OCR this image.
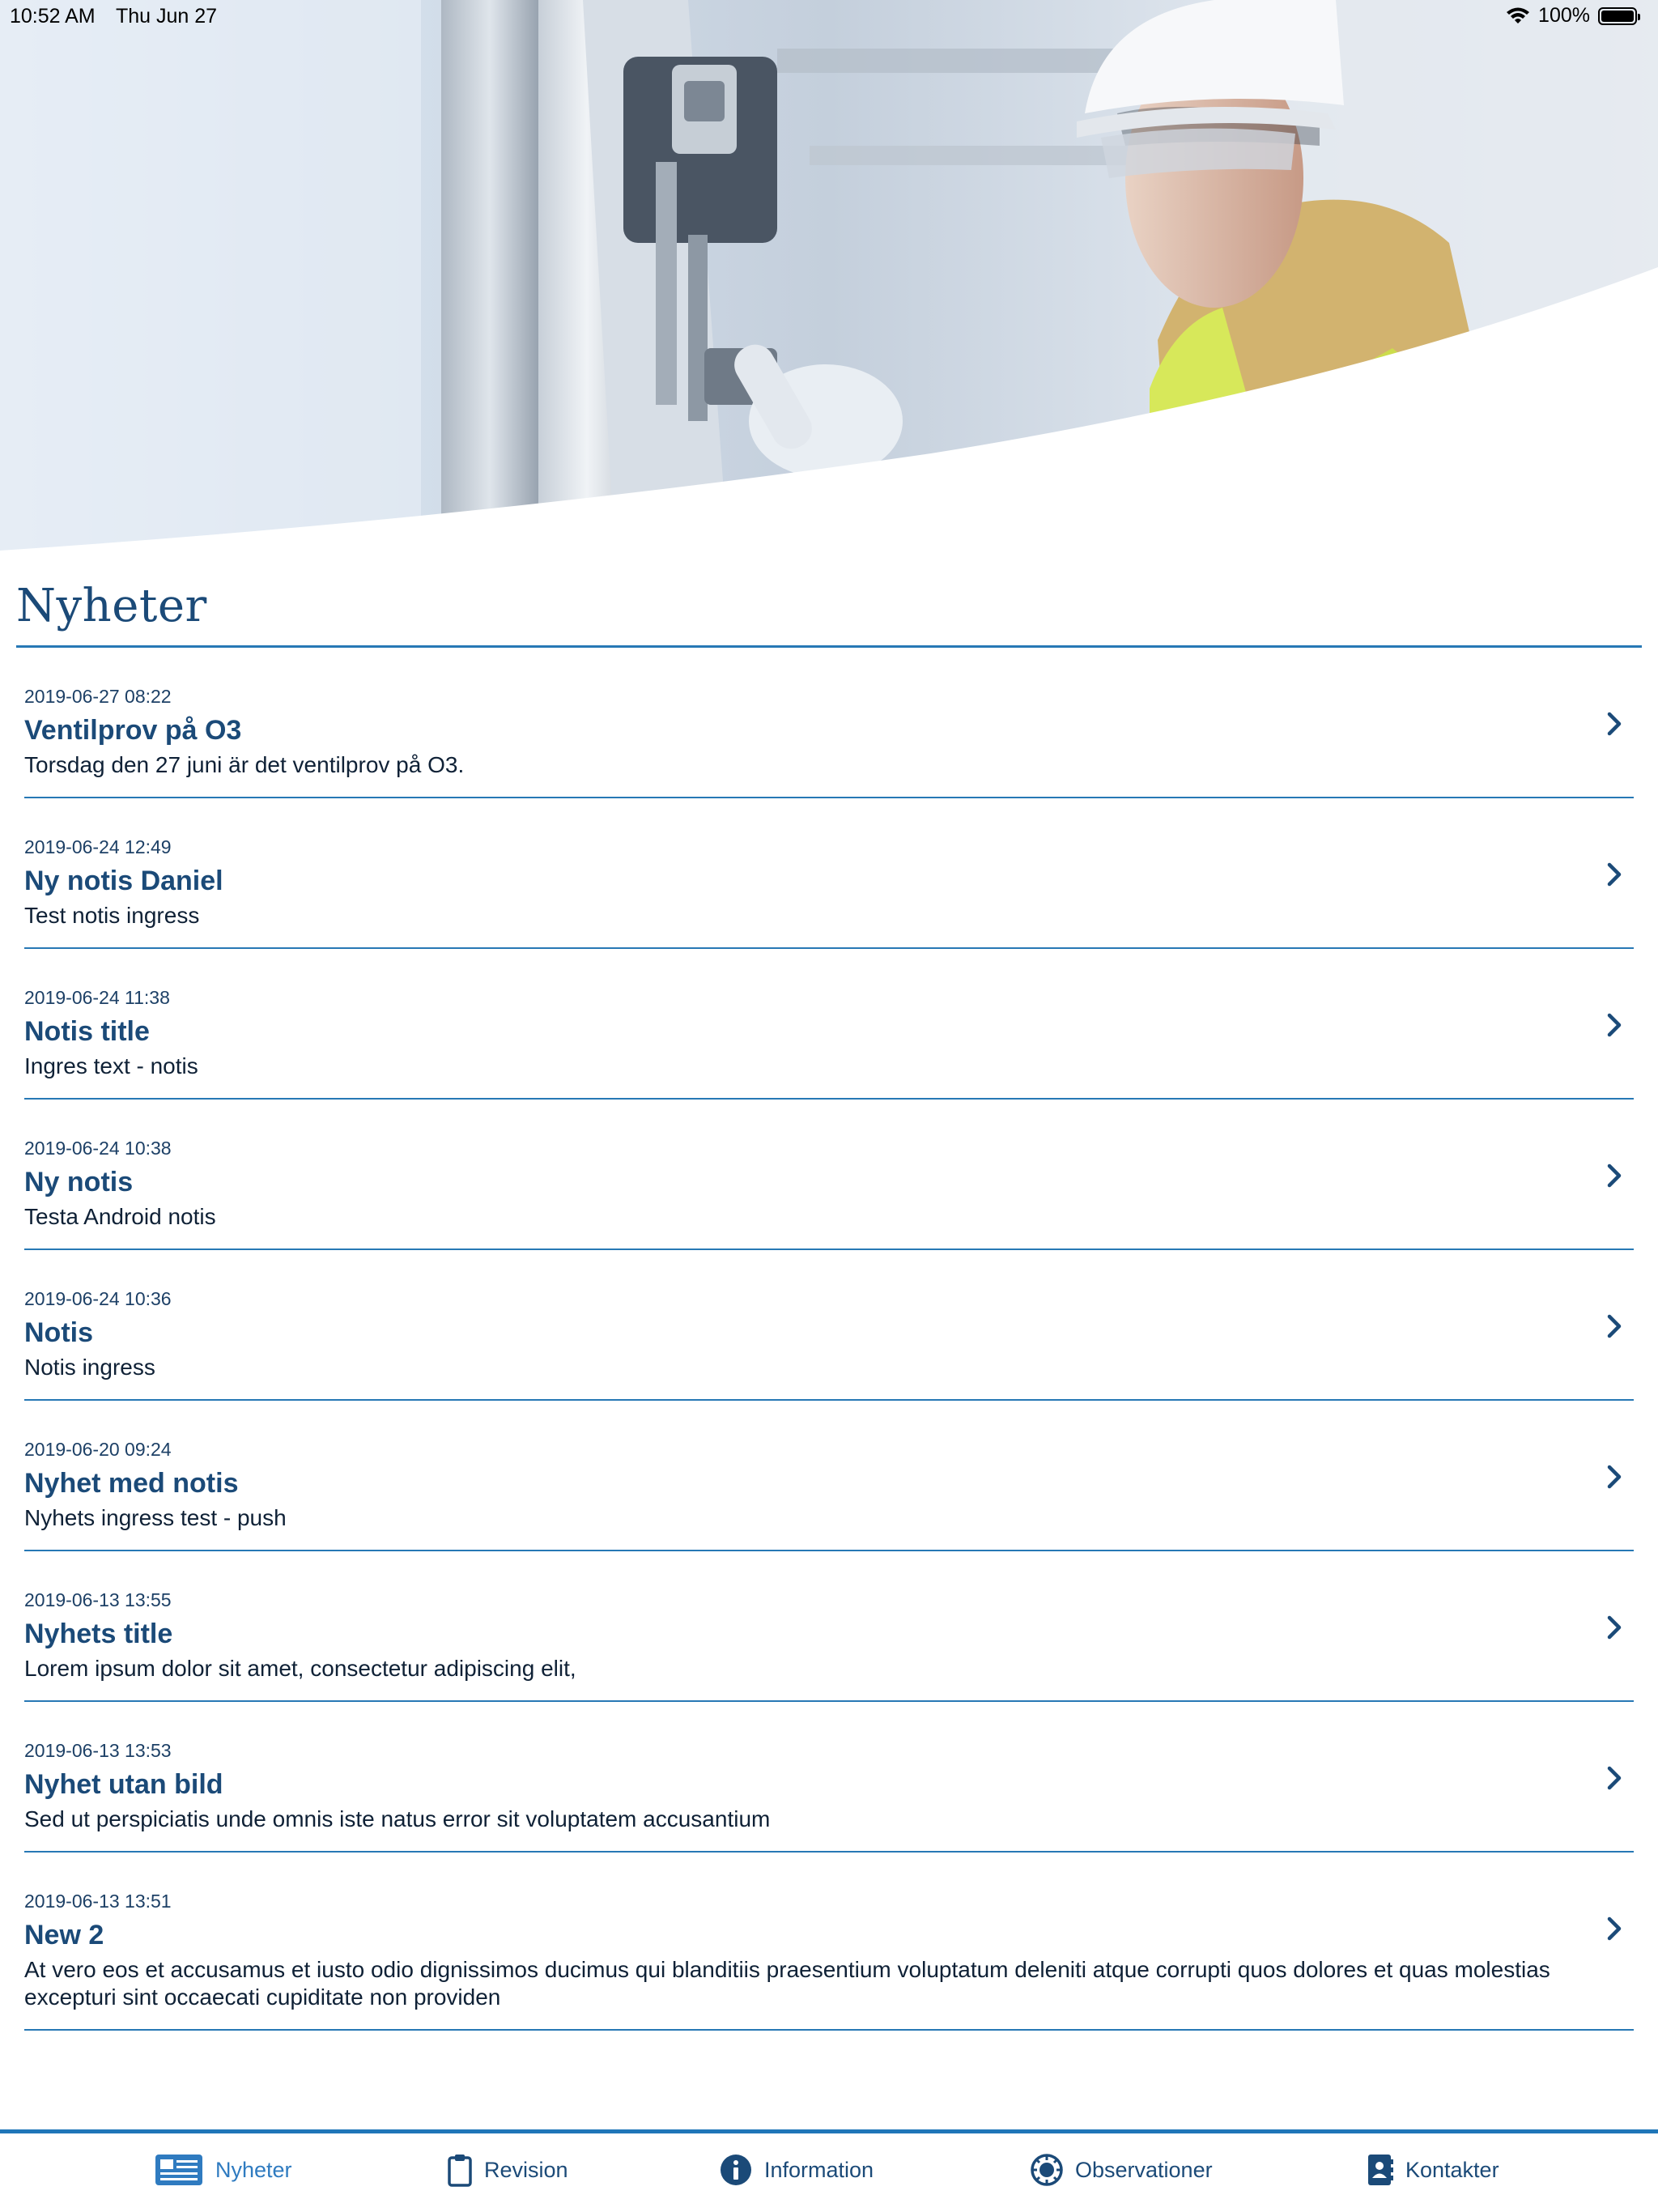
10:52 AM Thu Jun 27	100%
Nyheter
2019-06-27 08:22
Ventilprov på O3
Torsdag den 27 juni är det ventilprov på O3.
2019-06-24 12:49
Ny notis Daniel
Test notis ingress
2019-06-24 11:38
Notis title
Ingres text - notis
2019-06-24 10:38
Ny notis
Testa Android notis
2019-06-24 10:36
Notis
Notis ingress
2019-06-20 09:24
Nyhet med notis
Nyhets ingress test - push
2019-06-13 13:55
Nyhets title
Lorem ipsum dolor sit amet, consectetur adipiscing elit,
2019-06-13 13:53
Nyhet utan bild
Sed ut perspiciatis unde omnis iste natus error sit voluptatem accusantium
2019-06-13 13:51
New 2
At vero eos et accusamus et iusto odio dignissimos ducimus qui blanditiis praesentium voluptatum deleniti atque corrupti quos dolores et quas molestias excepturi sint occaecati cupiditate non providen
Nyheter	Revision	Information	Observationer	Kontakter
